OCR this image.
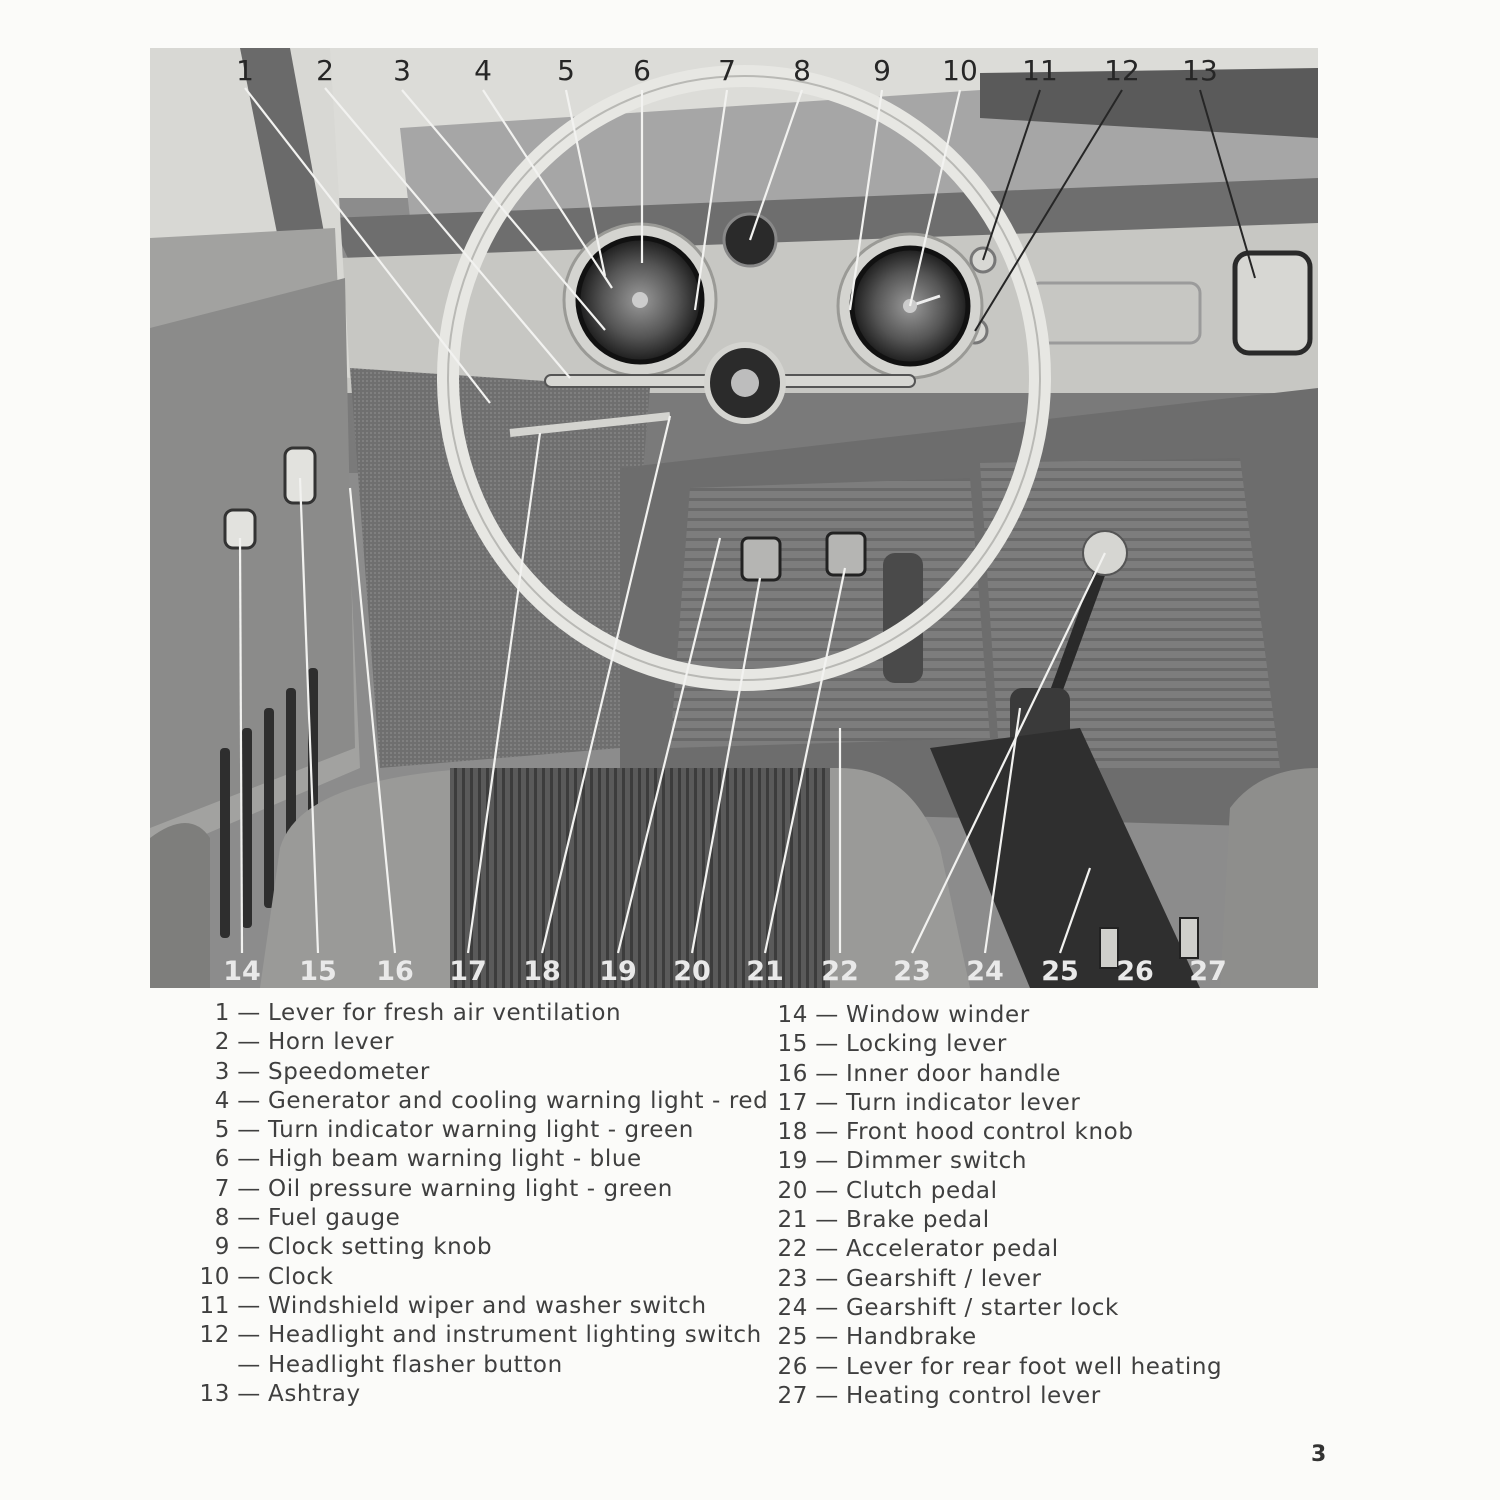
1 2 3 4 5 6 7 8 9 10 11 12 13
14 15 16 17 18 19 20 21 22 23 24 25 26 27
1 — Lever for fresh air ventilation
2 — Horn lever
3 — Speedometer
4 — Generator and cooling warning light - red
5 — Turn indicator warning light - green
6 — High beam warning light - blue
7 — Oil pressure warning light - green
8 — Fuel gauge
9 — Clock setting knob
10 — Clock
11 — Windshield wiper and washer switch
12 — Headlight and instrument lighting switch
— Headlight flasher button
13 — Ashtray
14 — Window winder
15 — Locking lever
16 — Inner door handle
17 — Turn indicator lever
18 — Front hood control knob
19 — Dimmer switch
20 — Clutch pedal
21 — Brake pedal
22 — Accelerator pedal
23 — Gearshift / lever
24 — Gearshift / starter lock
25 — Handbrake
26 — Lever for rear foot well heating
27 — Heating control lever
3
